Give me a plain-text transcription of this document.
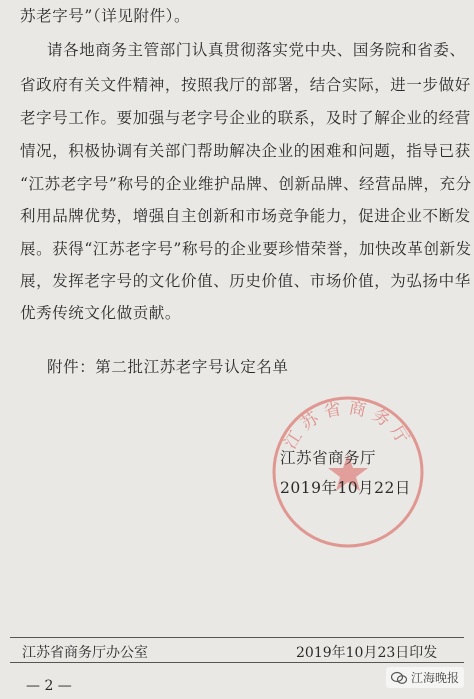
苏老字号”（详见附件）。
请各地商务主管部门认真贯彻落实党中央、国务院和省委、
省政府有关文件精神，按照我厅的部署，结合实际，进一步做好
老字号工作。要加强与老字号企业的联系，及时了解企业的经营
情况，积极协调有关部门帮助解决企业的困难和问题，指导已获
“江苏老字号”称号的企业维护品牌、创新品牌、经营品牌，充分
利用品牌优势，增强自主创新和市场竞争能力，促进企业不断发
展。获得“江苏老字号”称号的企业要珍惜荣誉，加快改革创新发
展，发挥老字号的文化价值、历史价值、市场价值，为弘扬中华
优秀传统文化做贡献。
附件：第二批江苏老字号认定名单
江苏省商务厅
江苏省商务厅
2019年10月22日
江苏省商务厅办公室	2019年10月23日印发
— 2 —	江海晚报
